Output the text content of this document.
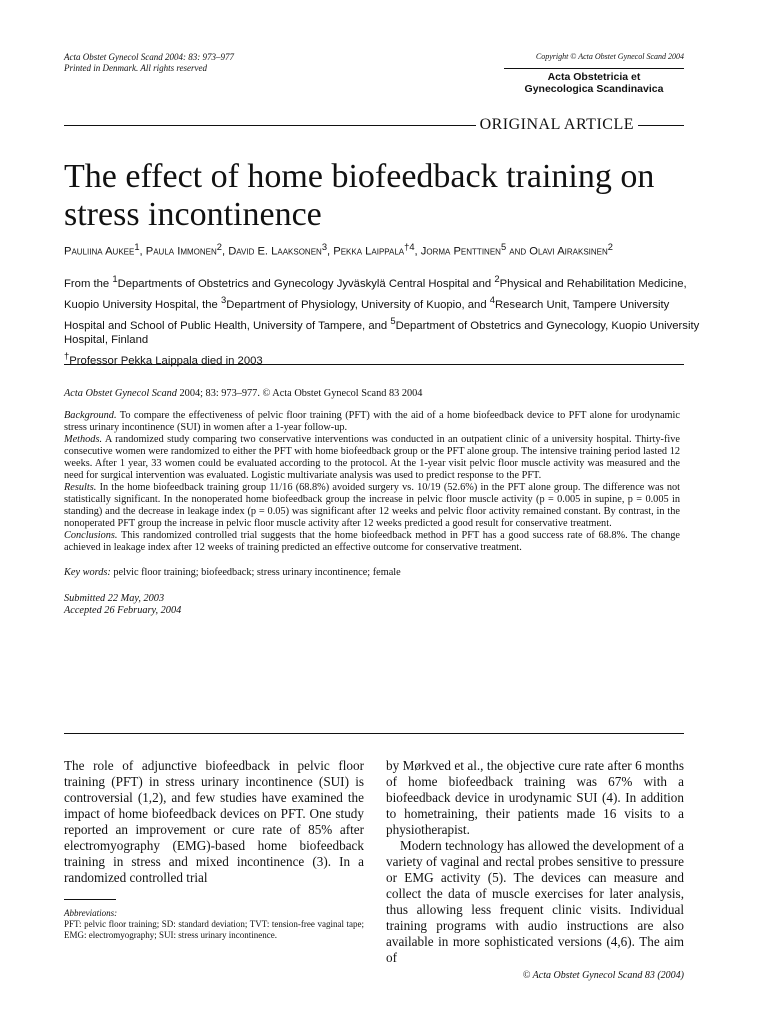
Acta Obstet Gynecol Scand 2004: 83: 973–977
Printed in Denmark. All rights reserved
Copyright © Acta Obstet Gynecol Scand 2004
Acta Obstetricia et
Gynecologica Scandinavica
ORIGINAL ARTICLE
The effect of home biofeedback training on stress incontinence
Pauliina Aukee$^1$, Paula Immonen$^2$, David E. Laaksonen$^3$, Pekka Laippala$^{\dagger 4}$, Jorma Penttinen$^5$ and Olavi Airaksinen$^2$
From the $^1$Departments of Obstetrics and Gynecology Jyväskylä Central Hospital and $^2$Physical and Rehabilitation Medicine, Kuopio University Hospital, the $^3$Department of Physiology, University of Kuopio, and $^4$Research Unit, Tampere University Hospital and School of Public Health, University of Tampere, and $^5$Department of Obstetrics and Gynecology, Kuopio University Hospital, Finland
†Professor Pekka Laippala died in 2003

Acta Obstet Gynecol Scand 2004; 83: 973–977. © Acta Obstet Gynecol Scand 83 2004

Background. To compare the effectiveness of pelvic floor training (PFT) with the aid of a home biofeedback device to PFT alone for urodynamic stress urinary incontinence (SUI) in women after a 1-year follow-up.

Methods. A randomized study comparing two conservative interventions was conducted in an outpatient clinic of a university hospital. Thirty-five consecutive women were randomized to either the PFT with home biofeedback group or the PFT alone group. The intensive training period lasted 12 weeks. After 1 year, 33 women could be evaluated according to the protocol. At the 1-year visit pelvic floor muscle activity was measured and the need for surgical intervention was evaluated. Logistic multivariate analysis was used to predict response to the PFT.

Results. In the home biofeedback training group 11/16 (68.8%) avoided surgery vs. 10/19 (52.6%) in the PFT alone group. The difference was not statistically significant. In the nonoperated home biofeedback group the increase in pelvic floor muscle activity (p = 0.005 in supine, p = 0.005 in standing) and the decrease in leakage index (p = 0.05) was significant after 12 weeks and pelvic floor activity remained constant. By contrast, in the nonoperated PFT group the increase in pelvic floor muscle activity after 12 weeks predicted a good result for conservative treatment.

Conclusions. This randomized controlled trial suggests that the home biofeedback method in PFT has a good success rate of 68.8%. The change achieved in leakage index after 12 weeks of training predicted an effective outcome for conservative treatment.

Key words: pelvic floor training; biofeedback; stress urinary incontinence; female

Submitted 22 May, 2003

Accepted 26 February, 2004

The role of adjunctive biofeedback in pelvic floor training (PFT) in stress urinary incontinence (SUI) is controversial (1,2), and few studies have examined the impact of home biofeedback devices on PFT. One study reported an improvement or cure rate of 85% after electromyography (EMG)-based home biofeedback training in stress and mixed incontinence (3). In a randomized controlled trial

by Mørkved et al., the objective cure rate after 6 months of home biofeedback training was 67% with a biofeedback device in urodynamic SUI (4). In addition to hometraining, their patients made 16 visits to a physiotherapist.

Modern technology has allowed the development of a variety of vaginal and rectal probes sensitive to pressure or EMG activity (5). The devices can measure and collect the data of muscle exercises for later analysis, thus allowing less frequent clinic visits. Individual training programs with audio instructions are also available in more sophisticated versions (4,6). The aim of

Abbreviations:
PFT: pelvic floor training; SD: standard deviation; TVT: tension-free vaginal tape; EMG: electromyography; SUI: stress urinary incontinence.
© Acta Obstet Gynecol Scand 83 (2004)
